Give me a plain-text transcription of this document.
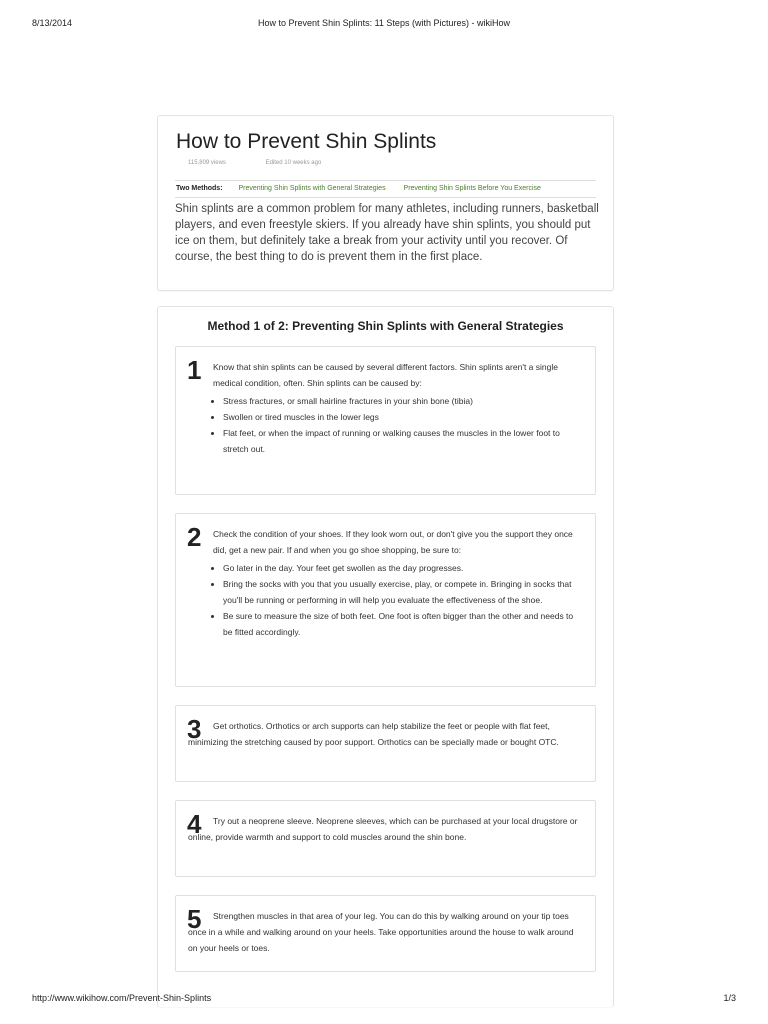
8/13/2014	How to Prevent Shin Splints: 11 Steps (with Pictures) - wikiHow
How to Prevent Shin Splints
115,809 views	Edited 10 weeks ago
Two Methods: Preventing Shin Splints with General Strategies	Preventing Shin Splints Before You Exercise

Shin splints are a common problem for many athletes, including runners, basketball players, and even freestyle skiers. If you already have shin splints, you should put ice on them, but definitely take a break from your activity until you recover. Of course, the best thing to do is prevent them in the first place.

Method 1 of 2: Preventing Shin Splints with General Strategies
1 Know that shin splints can be caused by several different factors. Shin splints aren't a single medical condition, often. Shin splints can be caused by:
• Stress fractures, or small hairline fractures in your shin bone (tibia)
• Swollen or tired muscles in the lower legs
• Flat feet, or when the impact of running or walking causes the muscles in the lower foot to stretch out.
2 Check the condition of your shoes. If they look worn out, or don't give you the support they once did, get a new pair. If and when you go shoe shopping, be sure to:
• Go later in the day. Your feet get swollen as the day progresses.
• Bring the socks with you that you usually exercise, play, or compete in. Bringing in socks that you'll be running or performing in will help you evaluate the effectiveness of the shoe.
• Be sure to measure the size of both feet. One foot is often bigger than the other and needs to be fitted accordingly.
3	Get orthotics. Orthotics or arch supports can help stabilize the feet or people with flat feet, minimizing the stretching caused by poor support. Orthotics can be specially made or bought OTC.
4	Try out a neoprene sleeve. Neoprene sleeves, which can be purchased at your local drugstore or online, provide warmth and support to cold muscles around the shin bone.
5	Strengthen muscles in that area of your leg. You can do this by walking around on your tip toes once in a while and walking around on your heels. Take opportunities around the house to walk around on your heels or toes.
http://www.wikihow.com/Prevent-Shin-Splints	1/3
